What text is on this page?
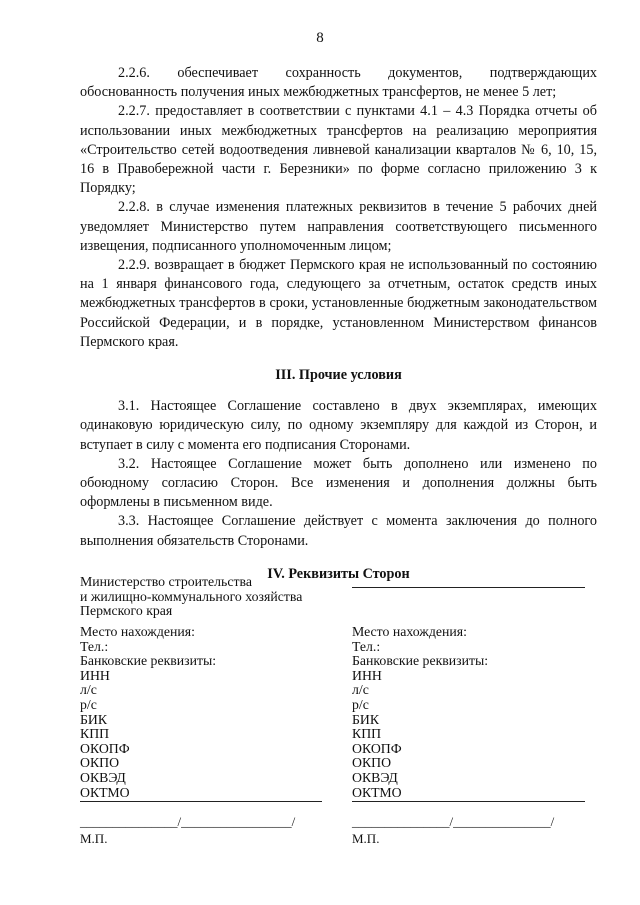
8

2.2.6. обеспечивает сохранность документов, подтверждающих обоснованность получения иных межбюджетных трансфертов, не менее 5 лет;

2.2.7. предоставляет в соответствии с пунктами 4.1 – 4.3 Порядка отчеты об использовании иных межбюджетных трансфертов на реализацию мероприятия «Строительство сетей водоотведения ливневой канализации кварталов № 6, 10, 15, 16 в Правобережной части г. Березники» по форме согласно приложению 3 к Порядку;

2.2.8. в случае изменения платежных реквизитов в течение 5 рабочих дней уведомляет Министерство путем направления соответствующего письменного извещения, подписанного уполномоченным лицом;

2.2.9. возвращает в бюджет Пермского края не использованный по состоянию на 1 января финансового года, следующего за отчетным, остаток средств иных межбюджетных трансфертов в сроки, установленные бюджетным законодательством Российской Федерации, и в порядке, установленном Министерством финансов Пермского края.

III. Прочие условия

3.1. Настоящее Соглашение составлено в двух экземплярах, имеющих одинаковую юридическую силу, по одному экземпляру для каждой из Сторон, и вступает в силу с момента его подписания Сторонами.

3.2. Настоящее Соглашение может быть дополнено или изменено по обоюдному согласию Сторон. Все изменения и дополнения должны быть оформлены в письменном виде.

3.3. Настоящее Соглашение действует с момента заключения до полного выполнения обязательств Сторонами.

IV. Реквизиты Сторон
Министерство строительства
и жилищно-коммунального хозяйства
Пермского края
Место нахождения:
Тел.:
Банковские реквизиты:
ИНН
л/с
р/с
БИК
КПП
ОКОПФ
ОКПО
ОКВЭД
ОКТМО
Место нахождения:
Тел.:
Банковские реквизиты:
ИНН
л/с
р/с
БИК
КПП
ОКОПФ
ОКПО
ОКВЭД
ОКТМО
_______________/_________________/	_______________/_______________/
М.П.	М.П.
